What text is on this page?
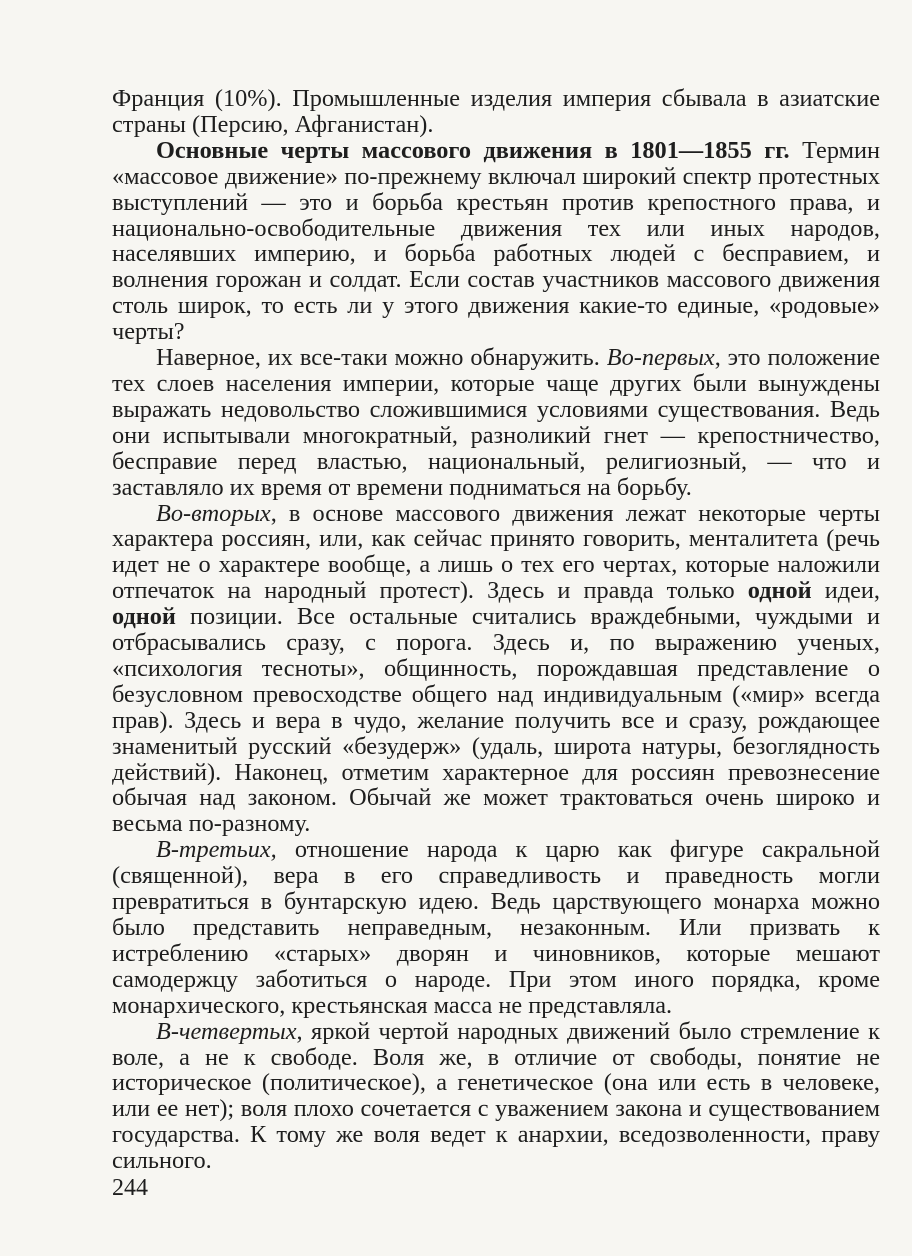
Франция (10%). Промышленные изделия империя сбывала в азиатские страны (Персию, Афганистан).

Основные черты массового движения в 1801—1855 гг. Термин «массовое движение» по-прежнему включал широкий спектр протестных выступлений — это и борьба крестьян против крепостного права, и национально-освободительные движения тех или иных народов, населявших империю, и борьба работных людей с бесправием, и волнения горожан и солдат. Если состав участников массового движения столь широк, то есть ли у этого движения какие-то единые, «родовые» черты?

Наверное, их все-таки можно обнаружить. Во-первых, это положение тех слоев населения империи, которые чаще других были вынуждены выражать недовольство сложившимися условиями существования. Ведь они испытывали многократный, разноликий гнет — крепостничество, бесправие перед властью, национальный, религиозный, — что и заставляло их время от времени подниматься на борьбу.

Во-вторых, в основе массового движения лежат некоторые черты характера россиян, или, как сейчас принято говорить, менталитета (речь идет не о характере вообще, а лишь о тех его чертах, которые наложили отпечаток на народный протест). Здесь и правда только одной идеи, одной позиции. Все остальные считались враждебными, чуждыми и отбрасывались сразу, с порога. Здесь и, по выражению ученых, «психология тесноты», общинность, порождавшая представление о безусловном превосходстве общего над индивидуальным («мир» всегда прав). Здесь и вера в чудо, желание получить все и сразу, рождающее знаменитый русский «безудерж» (удаль, широта натуры, безоглядность действий). Наконец, отметим характерное для россиян превознесение обычая над законом. Обычай же может трактоваться очень широко и весьма по-разному.

В-третьих, отношение народа к царю как фигуре сакральной (священной), вера в его справедливость и праведность могли превратиться в бунтарскую идею. Ведь царствующего монарха можно было представить неправедным, незаконным. Или призвать к истреблению «старых» дворян и чиновников, которые мешают самодержцу заботиться о народе. При этом иного порядка, кроме монархического, крестьянская масса не представляла.

В-четвертых, яркой чертой народных движений было стремление к воле, а не к свободе. Воля же, в отличие от свободы, понятие не историческое (политическое), а генетическое (она или есть в человеке, или ее нет); воля плохо сочетается с уважением закона и существованием государства. К тому же воля ведет к анархии, вседозволенности, праву сильного.

244
